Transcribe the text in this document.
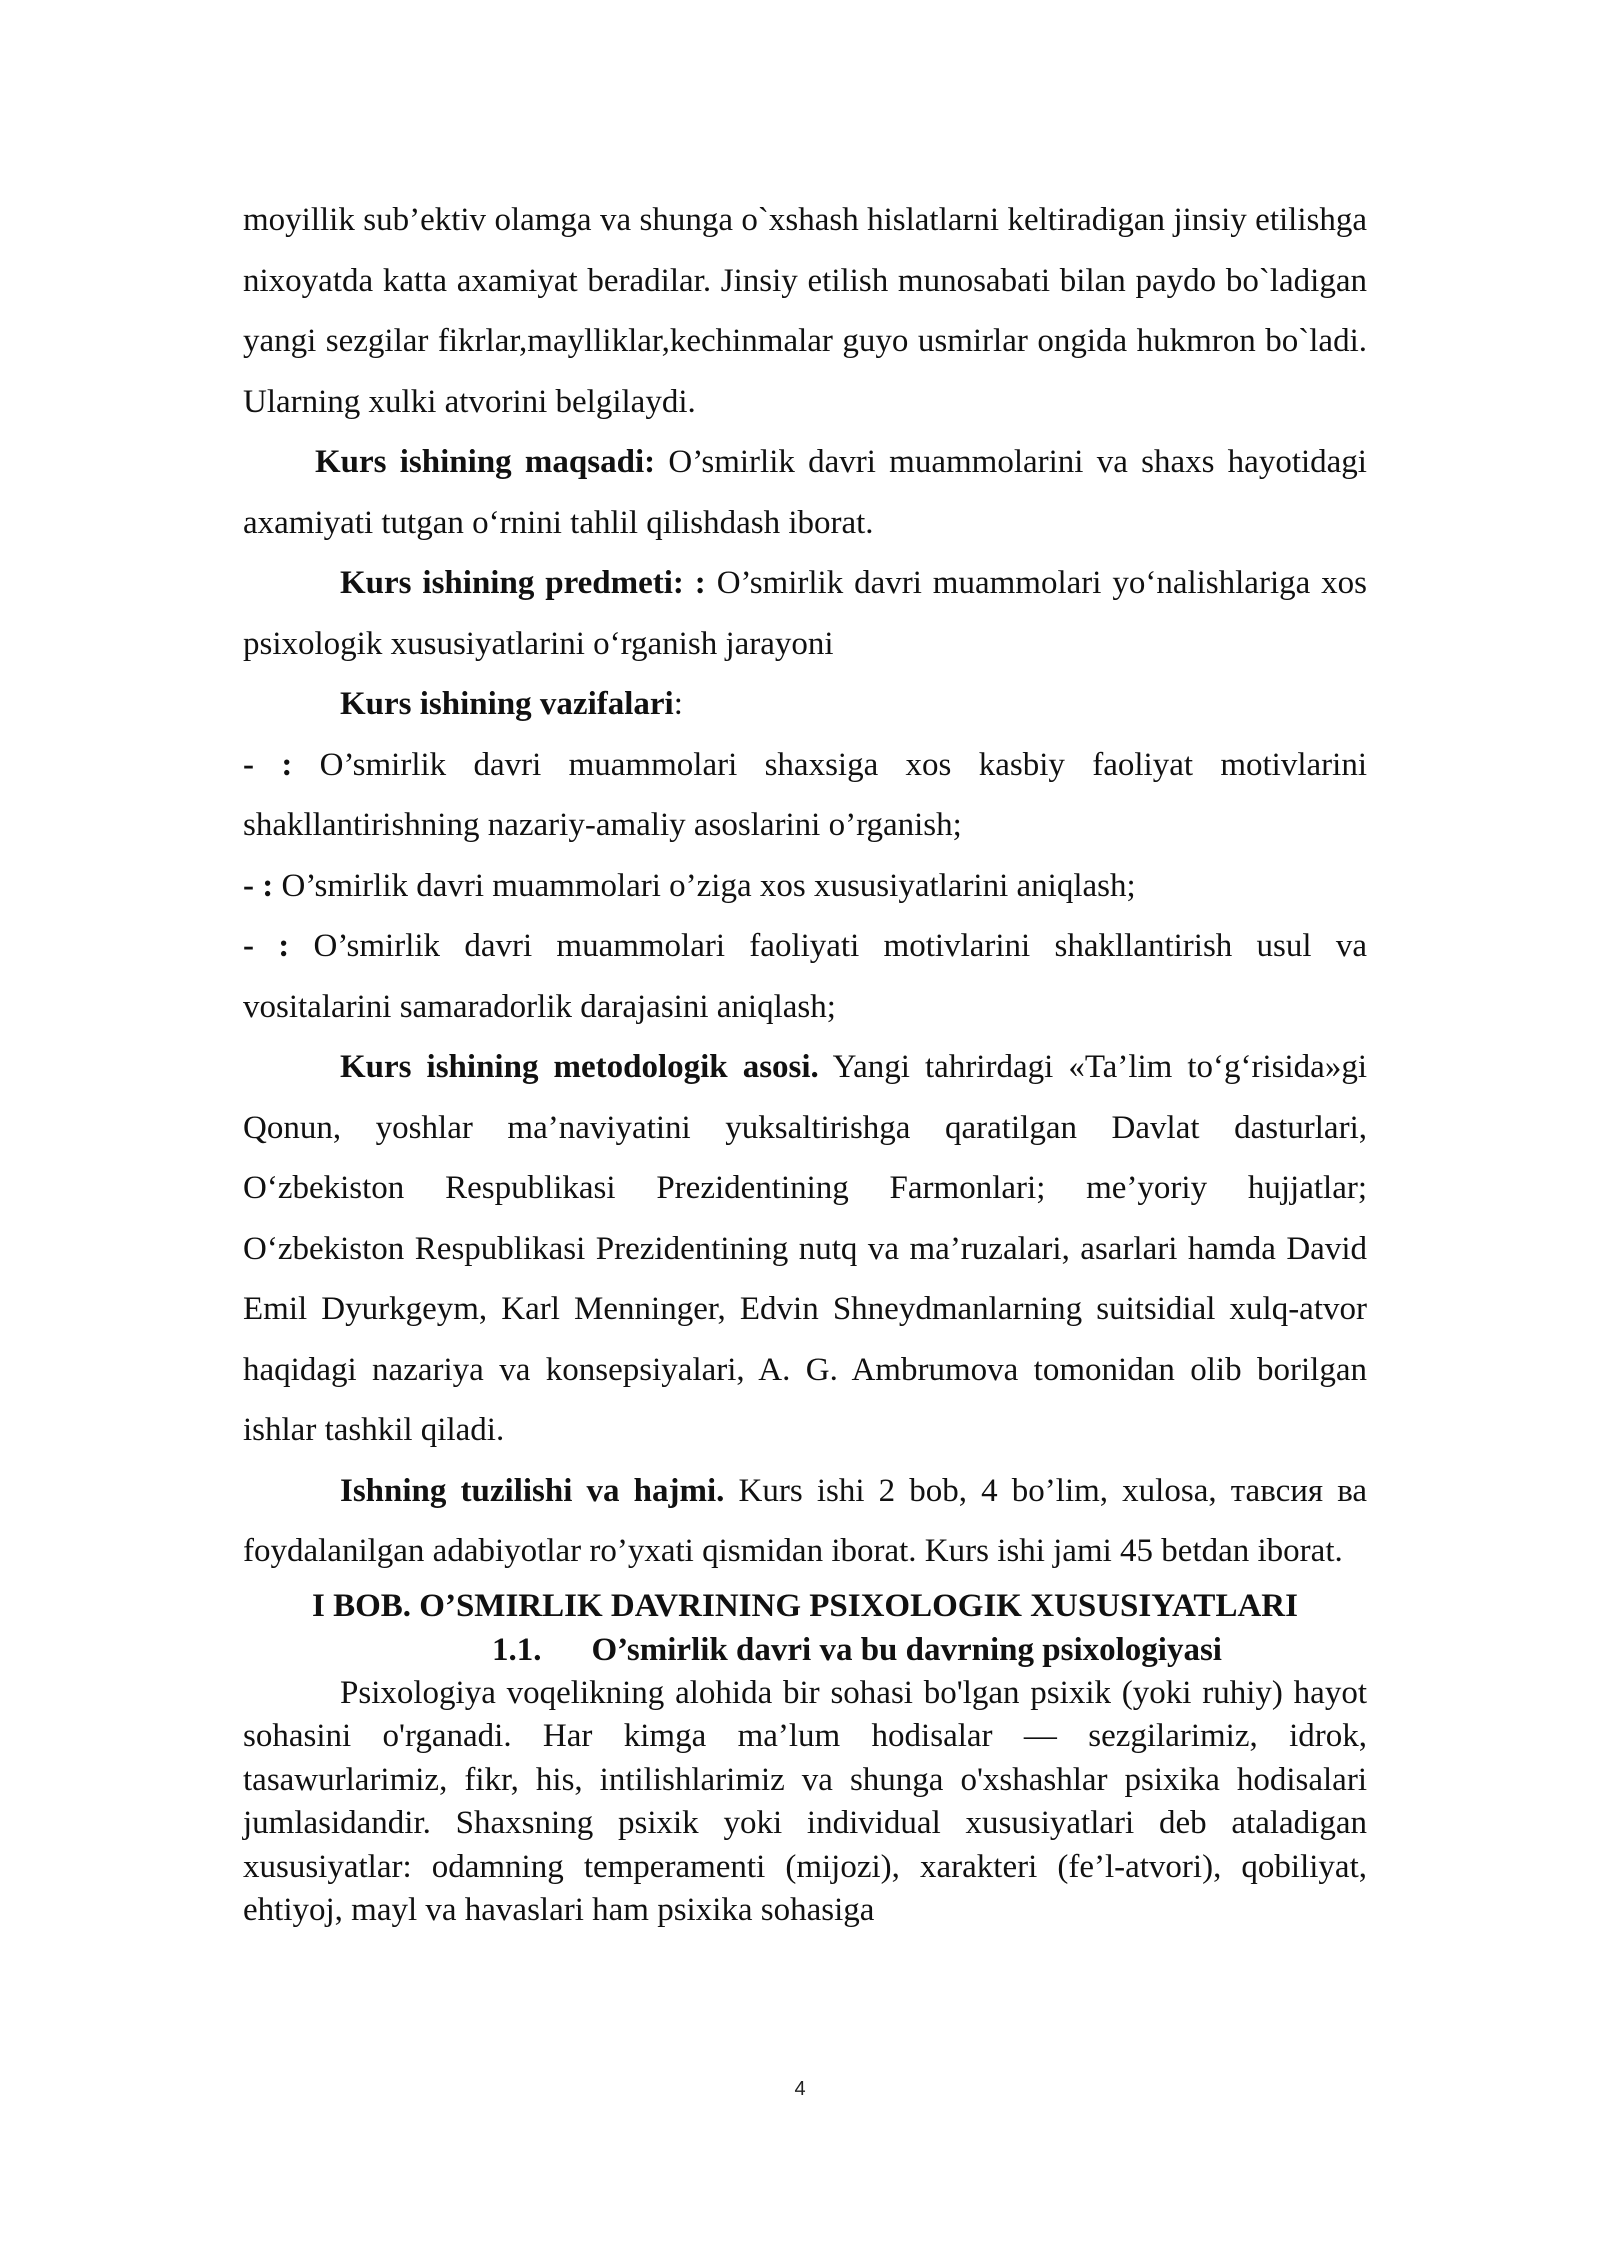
moyillik sub’ektiv olamga va shunga o`xshash hislatlarni keltiradigan jinsiy etilishga nixoyatda katta axamiyat beradilar. Jinsiy etilish munosabati bilan paydo bo`ladigan yangi sezgilar fikrlar,maylliklar,kechinmalar guyo usmirlar ongida hukmron bo`ladi. Ularning xulki atvorini belgilaydi.

Kurs ishining maqsadi: O’smirlik davri muammolarini va shaxs hayotidagi axamiyati tutgan o‘rnini tahlil qilishdash iborat.

Kurs ishining predmeti: : O’smirlik davri muammolari yo‘nalishlariga xos psixologik xususiyatlarini o‘rganish jarayoni

Kurs ishining vazifalari:

- : O’smirlik davri muammolari shaxsiga xos kasbiy faoliyat motivlarini shakllantirishning nazariy-amaliy asoslarini o’rganish;

- : O’smirlik davri muammolari o’ziga xos xususiyatlarini aniqlash;

- : O’smirlik davri muammolari faoliyati motivlarini shakllantirish usul va vositalarini samaradorlik darajasini aniqlash;

Kurs ishining metodologik asosi. Yangi tahrirdagi «Ta’lim to‘g‘risida»gi Qonun, yoshlar ma’naviyatini yuksaltirishga qaratilgan Davlat dasturlari, O‘zbekiston Respublikasi Prezidentining Farmonlari; me’yoriy hujjatlar; O‘zbekiston Respublikasi Prezidentining nutq va ma’ruzalari, asarlari hamda David Emil Dyurkgeym, Karl Menninger, Edvin Shneydmanlarning suitsidial xulq-atvor haqidagi nazariya va konsepsiyalari, A. G. Ambrumova tomonidan olib borilgan ishlar tashkil qiladi.

Ishning tuzilishi va hajmi. Kurs ishi 2 bob, 4 bo’lim, xulosa, тавсия ва foydalanilgan adabiyotlar ro’yxati qismidan iborat. Kurs ishi jami 45 betdan iborat.

I BOB. O’SMIRLIK DAVRINING PSIXOLOGIK XUSUSIYATLARI
1.1. O’smirlik davri va bu davrning psixologiyasi

Psixologiya voqelikning alohida bir sohasi bo'lgan psixik (yoki ruhiy) hayot sohasini o'rganadi. Har kimga ma’lum hodisalar — sezgilarimiz, idrok, tasawurlarimiz, fikr, his, intilishlarimiz va shunga o'xshashlar psixika hodisalari jumlasidandir. Shaxsning psixik yoki individual xususiyatlari deb ataladigan xususiyatlar: odamning temperamenti (mijozi), xarakteri (fe’l-atvori), qobiliyat, ehtiyoj, mayl va havaslari ham psixika sohasiga

4
